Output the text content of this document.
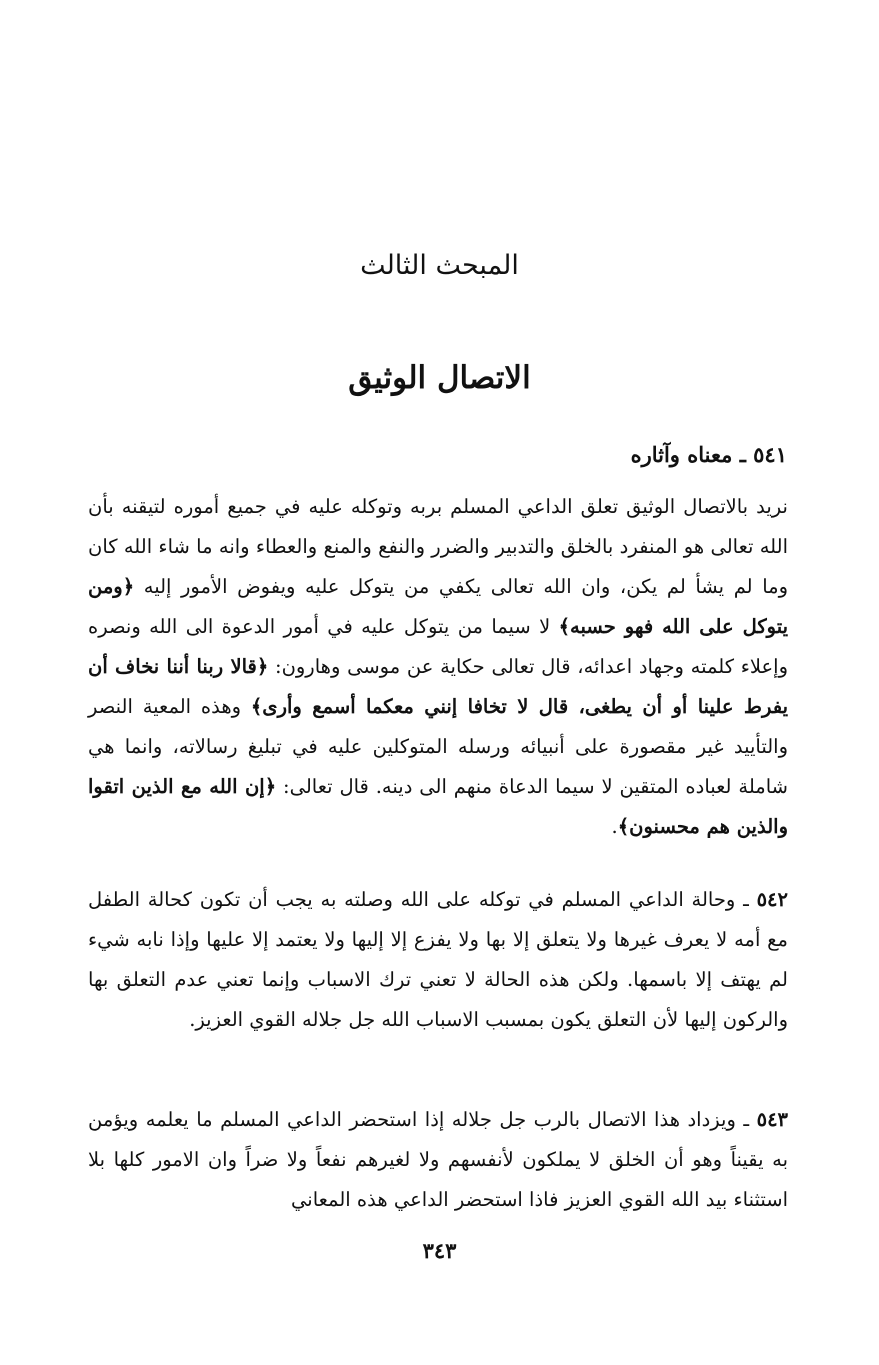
المبحث الثالث
الاتصال الوثيق
٥٤١ ـ معناه وآثاره
نريد بالاتصال الوثيق تعلق الداعي المسلم بربه وتوكله عليه في جميع أموره لتيقنه بأن الله تعالى هو المنفرد بالخلق والتدبير والضرر والنفع والمنع والعطاء وانه ما شاء الله كان وما لم يشأ لم يكن، وان الله تعالى يكفي من يتوكل عليه ويفوض الأمور إليه ﴿ومن يتوكل على الله فهو حسبه﴾ لا سيما من يتوكل عليه في أمور الدعوة الى الله ونصره وإعلاء كلمته وجهاد اعدائه، قال تعالى حكاية عن موسى وهارون: ﴿قالا ربنا أننا نخاف أن يفرط علينا أو أن يطغى، قال لا تخافا إنني معكما أسمع وأرى﴾ وهذه المعية النصر والتأييد غير مقصورة على أنبيائه ورسله المتوكلين عليه في تبليغ رسالاته، وانما هي شاملة لعباده المتقين لا سيما الدعاة منهم الى دينه. قال تعالى: ﴿إن الله مع الذين اتقوا والذين هم محسنون﴾.
٥٤٢ ـ وحالة الداعي المسلم في توكله على الله وصلته به يجب أن تكون كحالة الطفل مع أمه لا يعرف غيرها ولا يتعلق إلا بها ولا يفزع إلا إليها ولا يعتمد إلا عليها وإذا نابه شيء لم يهتف إلا باسمها. ولكن هذه الحالة لا تعني ترك الاسباب وإنما تعني عدم التعلق بها والركون إليها لأن التعلق يكون بمسبب الاسباب الله جل جلاله القوي العزيز.
٥٤٣ ـ ويزداد هذا الاتصال بالرب جل جلاله إذا استحضر الداعي المسلم ما يعلمه ويؤمن به يقيناً وهو أن الخلق لا يملكون لأنفسهم ولا لغيرهم نفعاً ولا ضراً وان الامور كلها بلا استثناء بيد الله القوي العزيز فاذا استحضر الداعي هذه المعاني
٣٤٣
